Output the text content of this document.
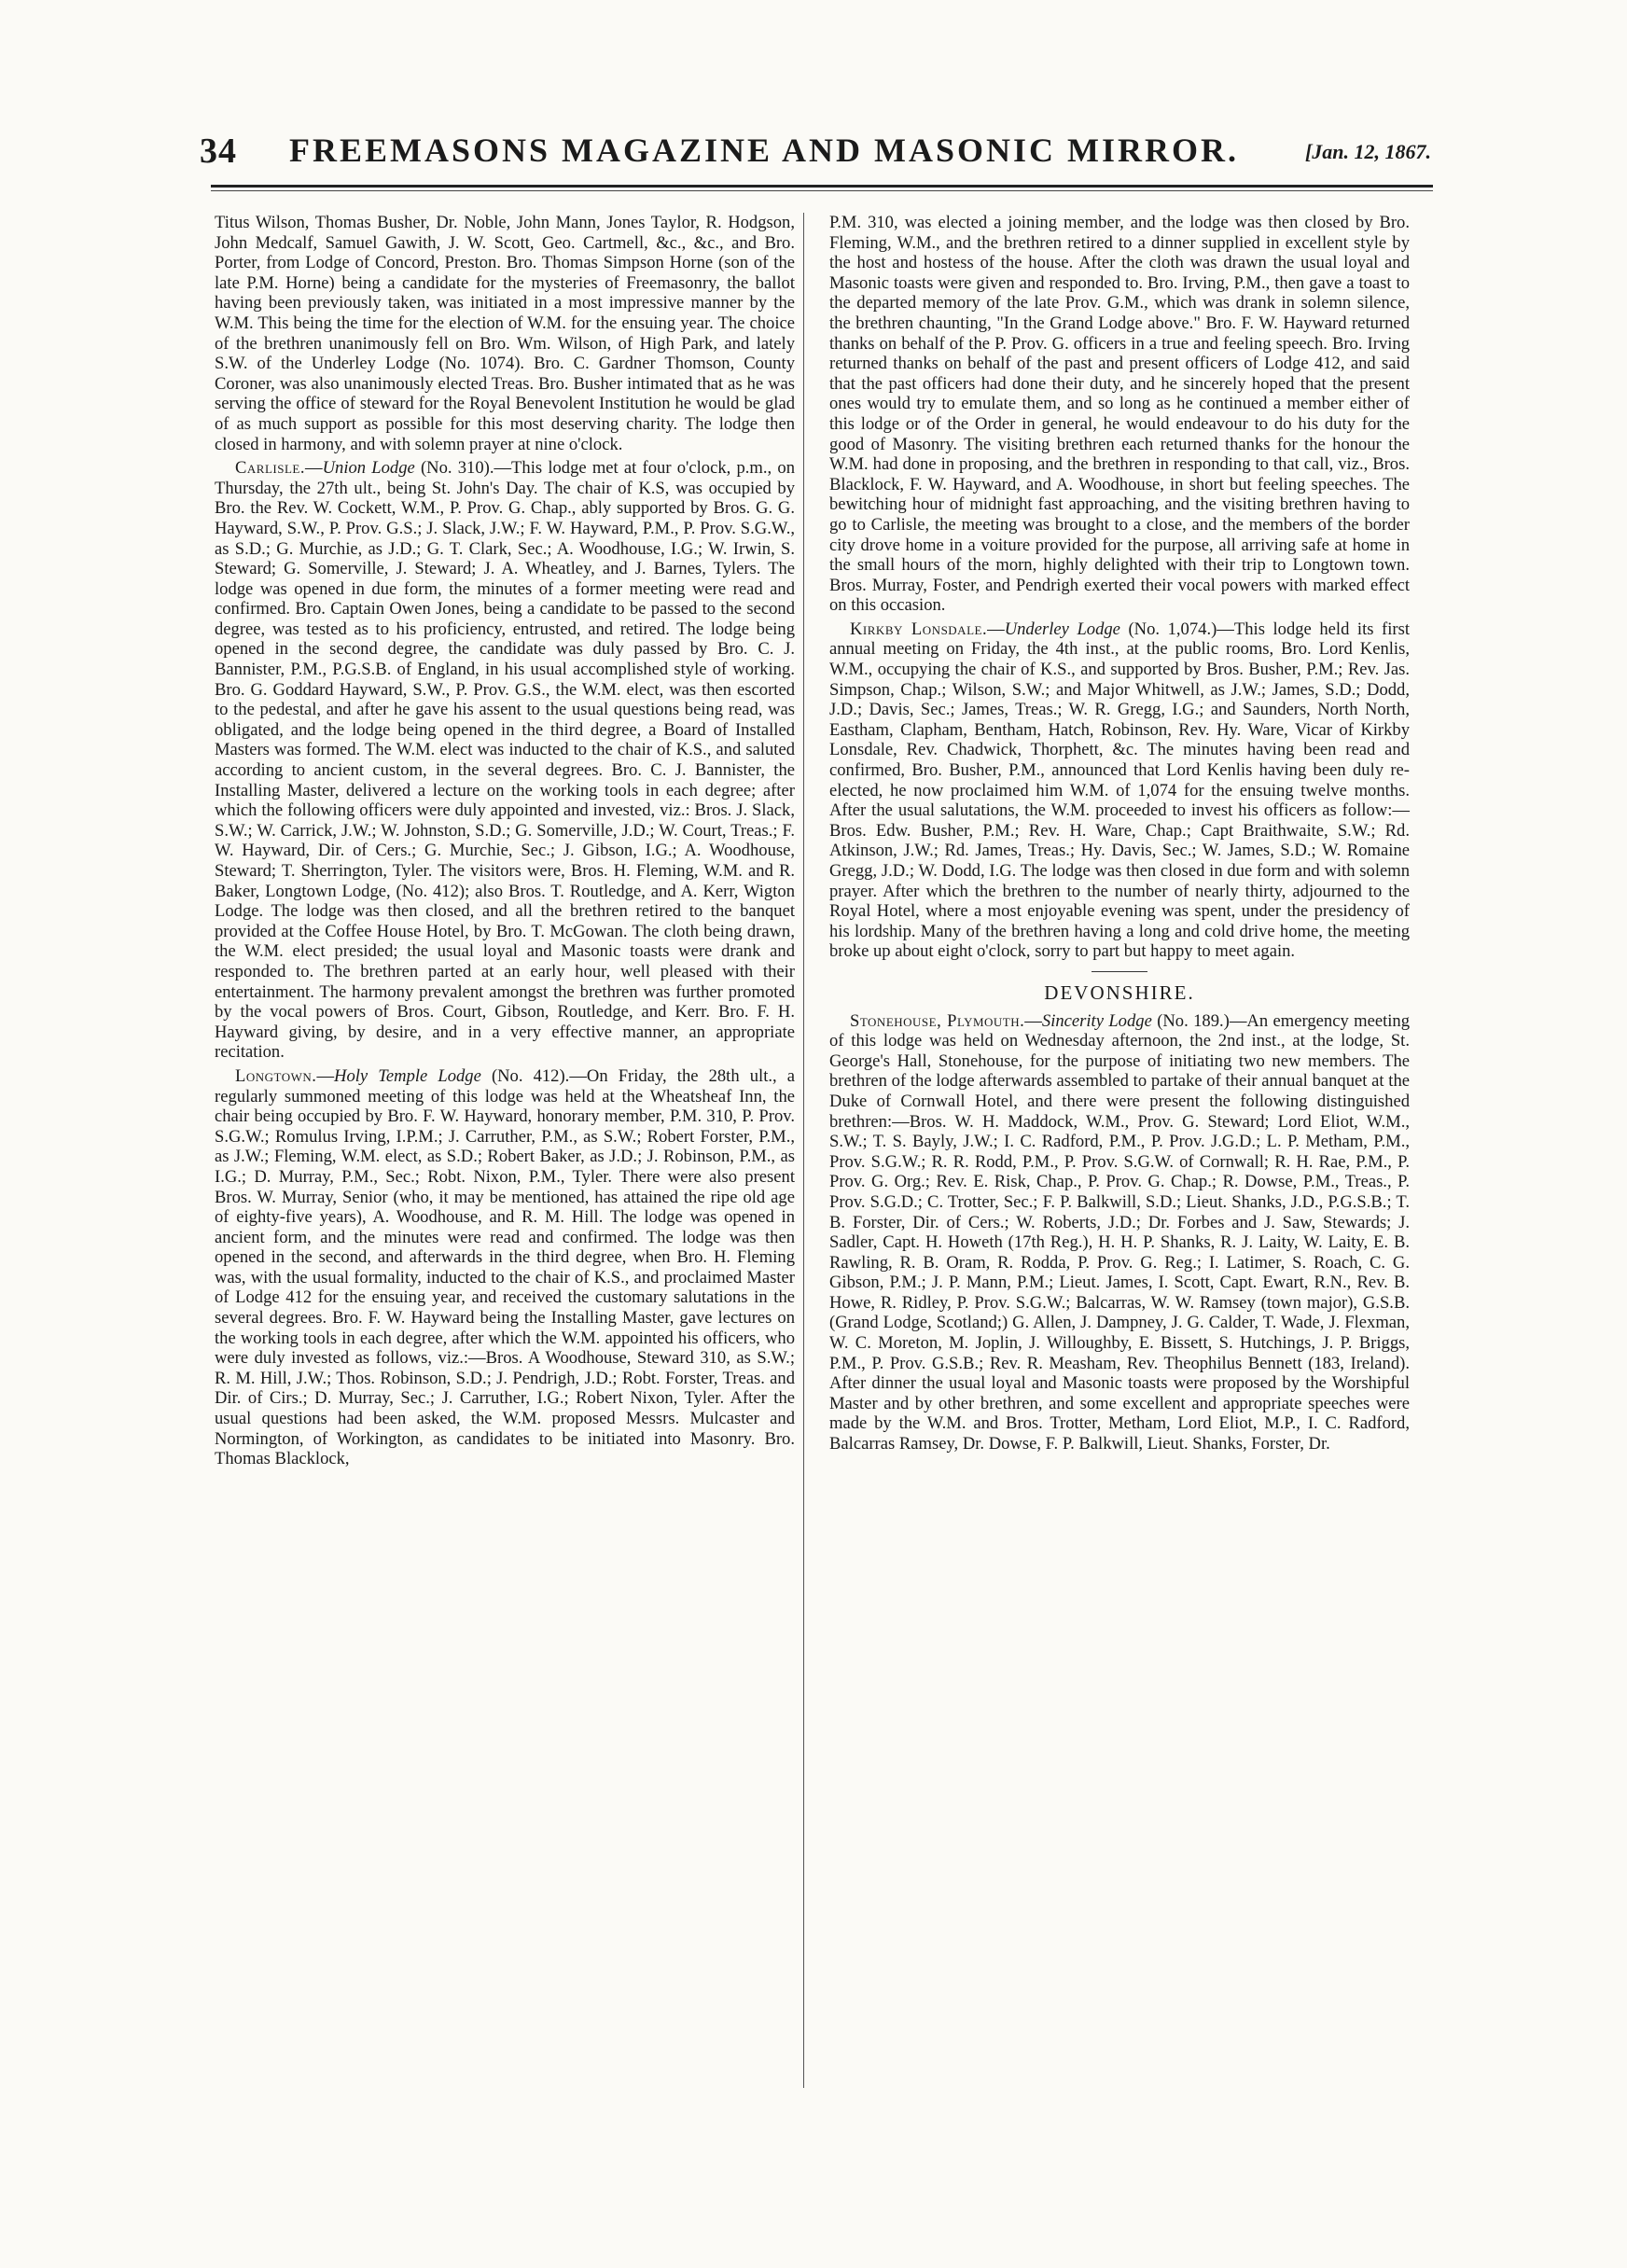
34 FREEMASONS MAGAZINE AND MASONIC MIRROR.	[Jan. 12, 1867.

Titus Wilson, Thomas Busher, Dr. Noble, John Mann, Jones Taylor, R. Hodgson, John Medcalf, Samuel Gawith, J. W. Scott, Geo. Cartmell, &c., &c., and Bro. Porter, from Lodge of Concord, Preston. Bro. Thomas Simpson Horne (son of the late P.M. Horne) being a candidate for the mysteries of Freemasonry, the ballot having been previously taken, was initiated in a most impressive manner by the W.M. This being the time for the election of W.M. for the ensuing year. The choice of the brethren unanimously fell on Bro. Wm. Wilson, of High Park, and lately S.W. of the Underley Lodge (No. 1074). Bro. C. Gardner Thomson, County Coroner, was also unanimously elected Treas. Bro. Busher intimated that as he was serving the office of steward for the Royal Benevolent Institution he would be glad of as much support as possible for this most deserving charity. The lodge then closed in harmony, and with solemn prayer at nine o'clock.

Carlisle.—Union Lodge (No. 310).—This lodge met at four o'clock, p.m., on Thursday, the 27th ult., being St. John's Day. The chair of K.S, was occupied by Bro. the Rev. W. Cockett, W.M., P. Prov. G. Chap., ably supported by Bros. G. G. Hayward, S.W., P. Prov. G.S.; J. Slack, J.W.; F. W. Hayward, P.M., P. Prov. S.G.W., as S.D.; G. Murchie, as J.D.; G. T. Clark, Sec.; A. Woodhouse, I.G.; W. Irwin, S. Steward; G. Somerville, J. Steward; J. A. Wheatley, and J. Barnes, Tylers. The lodge was opened in due form, the minutes of a former meeting were read and confirmed. Bro. Captain Owen Jones, being a candidate to be passed to the second degree, was tested as to his proficiency, entrusted, and retired. The lodge being opened in the second degree, the candidate was duly passed by Bro. C. J. Bannister, P.M., P.G.S.B. of England, in his usual accomplished style of working. Bro. G. Goddard Hayward, S.W., P. Prov. G.S., the W.M. elect, was then escorted to the pedestal, and after he gave his assent to the usual questions being read, was obligated, and the lodge being opened in the third degree, a Board of Installed Masters was formed. The W.M. elect was inducted to the chair of K.S., and saluted according to ancient custom, in the several degrees. Bro. C. J. Bannister, the Installing Master, delivered a lecture on the working tools in each degree; after which the following officers were duly appointed and invested, viz.: Bros. J. Slack, S.W.; W. Carrick, J.W.; W. Johnston, S.D.; G. Somerville, J.D.; W. Court, Treas.; F. W. Hayward, Dir. of Cers.; G. Murchie, Sec.; J. Gibson, I.G.; A. Woodhouse, Steward; T. Sherrington, Tyler. The visitors were, Bros. H. Fleming, W.M. and R. Baker, Longtown Lodge, (No. 412); also Bros. T. Routledge, and A. Kerr, Wigton Lodge. The lodge was then closed, and all the brethren retired to the banquet provided at the Coffee House Hotel, by Bro. T. McGowan. The cloth being drawn, the W.M. elect presided; the usual loyal and Masonic toasts were drank and responded to. The brethren parted at an early hour, well pleased with their entertainment. The harmony prevalent amongst the brethren was further promoted by the vocal powers of Bros. Court, Gibson, Routledge, and Kerr. Bro. F. H. Hayward giving, by desire, and in a very effective manner, an appropriate recitation.

Longtown.—Holy Temple Lodge (No. 412).—On Friday, the 28th ult., a regularly summoned meeting of this lodge was held at the Wheatsheaf Inn, the chair being occupied by Bro. F. W. Hayward, honorary member, P.M. 310, P. Prov. S.G.W.; Romulus Irving, I.P.M.; J. Carruther, P.M., as S.W.; Robert Forster, P.M., as J.W.; Fleming, W.M. elect, as S.D.; Robert Baker, as J.D.; J. Robinson, P.M., as I.G.; D. Murray, P.M., Sec.; Robt. Nixon, P.M., Tyler. There were also present Bros. W. Murray, Senior (who, it may be mentioned, has attained the ripe old age of eighty-five years), A. Woodhouse, and R. M. Hill. The lodge was opened in ancient form, and the minutes were read and confirmed. The lodge was then opened in the second, and afterwards in the third degree, when Bro. H. Fleming was, with the usual formality, inducted to the chair of K.S., and proclaimed Master of Lodge 412 for the ensuing year, and received the customary salutations in the several degrees. Bro. F. W. Hayward being the Installing Master, gave lectures on the working tools in each degree, after which the W.M. appointed his officers, who were duly invested as follows, viz.:—Bros. A Woodhouse, Steward 310, as S.W.; R. M. Hill, J.W.; Thos. Robinson, S.D.; J. Pendrigh, J.D.; Robt. Forster, Treas. and Dir. of Cirs.; D. Murray, Sec.; J. Carruther, I.G.; Robert Nixon, Tyler. After the usual questions had been asked, the W.M. proposed Messrs. Mulcaster and Normington, of Workington, as candidates to be initiated into Masonry. Bro. Thomas Blacklock,

P.M. 310, was elected a joining member, and the lodge was then closed by Bro. Fleming, W.M., and the brethren retired to a dinner supplied in excellent style by the host and hostess of the house. After the cloth was drawn the usual loyal and Masonic toasts were given and responded to. Bro. Irving, P.M., then gave a toast to the departed memory of the late Prov. G.M., which was drank in solemn silence, the brethren chaunting, "In the Grand Lodge above." Bro. F. W. Hayward returned thanks on behalf of the P. Prov. G. officers in a true and feeling speech. Bro. Irving returned thanks on behalf of the past and present officers of Lodge 412, and said that the past officers had done their duty, and he sincerely hoped that the present ones would try to emulate them, and so long as he continued a member either of this lodge or of the Order in general, he would endeavour to do his duty for the good of Masonry. The visiting brethren each returned thanks for the honour the W.M. had done in proposing, and the brethren in responding to that call, viz., Bros. Blacklock, F. W. Hayward, and A. Woodhouse, in short but feeling speeches. The bewitching hour of midnight fast approaching, and the visiting brethren having to go to Carlisle, the meeting was brought to a close, and the members of the border city drove home in a voiture provided for the purpose, all arriving safe at home in the small hours of the morn, highly delighted with their trip to Longtown town. Bros. Murray, Foster, and Pendrigh exerted their vocal powers with marked effect on this occasion.

Kirkby Lonsdale.—Underley Lodge (No. 1,074.)—This lodge held its first annual meeting on Friday, the 4th inst., at the public rooms, Bro. Lord Kenlis, W.M., occupying the chair of K.S., and supported by Bros. Busher, P.M.; Rev. Jas. Simpson, Chap.; Wilson, S.W.; and Major Whitwell, as J.W.; James, S.D.; Dodd, J.D.; Davis, Sec.; James, Treas.; W. R. Gregg, I.G.; and Saunders, North North, Eastham, Clapham, Bentham, Hatch, Robinson, Rev. Hy. Ware, Vicar of Kirkby Lonsdale, Rev. Chadwick, Thorphett, &c. The minutes having been read and confirmed, Bro. Busher, P.M., announced that Lord Kenlis having been duly re-elected, he now proclaimed him W.M. of 1,074 for the ensuing twelve months. After the usual salutations, the W.M. proceeded to invest his officers as follow:—Bros. Edw. Busher, P.M.; Rev. H. Ware, Chap.; Capt Braithwaite, S.W.; Rd. Atkinson, J.W.; Rd. James, Treas.; Hy. Davis, Sec.; W. James, S.D.; W. Romaine Gregg, J.D.; W. Dodd, I.G. The lodge was then closed in due form and with solemn prayer. After which the brethren to the number of nearly thirty, adjourned to the Royal Hotel, where a most enjoyable evening was spent, under the presidency of his lordship. Many of the brethren having a long and cold drive home, the meeting broke up about eight o'clock, sorry to part but happy to meet again.

DEVONSHIRE.

Stonehouse, Plymouth.—Sincerity Lodge (No. 189.)—An emergency meeting of this lodge was held on Wednesday afternoon, the 2nd inst., at the lodge, St. George's Hall, Stonehouse, for the purpose of initiating two new members. The brethren of the lodge afterwards assembled to partake of their annual banquet at the Duke of Cornwall Hotel, and there were present the following distinguished brethren:—Bros. W. H. Maddock, W.M., Prov. G. Steward; Lord Eliot, W.M., S.W.; T. S. Bayly, J.W.; I. C. Radford, P.M., P. Prov. J.G.D.; L. P. Metham, P.M., Prov. S.G.W.; R. R. Rodd, P.M., P. Prov. S.G.W. of Cornwall; R. H. Rae, P.M., P. Prov. G. Org.; Rev. E. Risk, Chap., P. Prov. G. Chap.; R. Dowse, P.M., Treas., P. Prov. S.G.D.; C. Trotter, Sec.; F. P. Balkwill, S.D.; Lieut. Shanks, J.D., P.G.S.B.; T. B. Forster, Dir. of Cers.; W. Roberts, J.D.; Dr. Forbes and J. Saw, Stewards; J. Sadler, Capt. H. Howeth (17th Reg.), H. H. P. Shanks, R. J. Laity, W. Laity, E. B. Rawling, R. B. Oram, R. Rodda, P. Prov. G. Reg.; I. Latimer, S. Roach, C. G. Gibson, P.M.; J. P. Mann, P.M.; Lieut. James, I. Scott, Capt. Ewart, R.N., Rev. B. Howe, R. Ridley, P. Prov. S.G.W.; Balcarras, W. W. Ramsey (town major), G.S.B. (Grand Lodge, Scotland;) G. Allen, J. Dampney, J. G. Calder, T. Wade, J. Flexman, W. C. Moreton, M. Joplin, J. Willoughby, E. Bissett, S. Hutchings, J. P. Briggs, P.M., P. Prov. G.S.B.; Rev. R. Measham, Rev. Theophilus Bennett (183, Ireland). After dinner the usual loyal and Masonic toasts were proposed by the Worshipful Master and by other brethren, and some excellent and appropriate speeches were made by the W.M. and Bros. Trotter, Metham, Lord Eliot, M.P., I. C. Radford, Balcarras Ramsey, Dr. Dowse, F. P. Balkwill, Lieut. Shanks, Forster, Dr.
